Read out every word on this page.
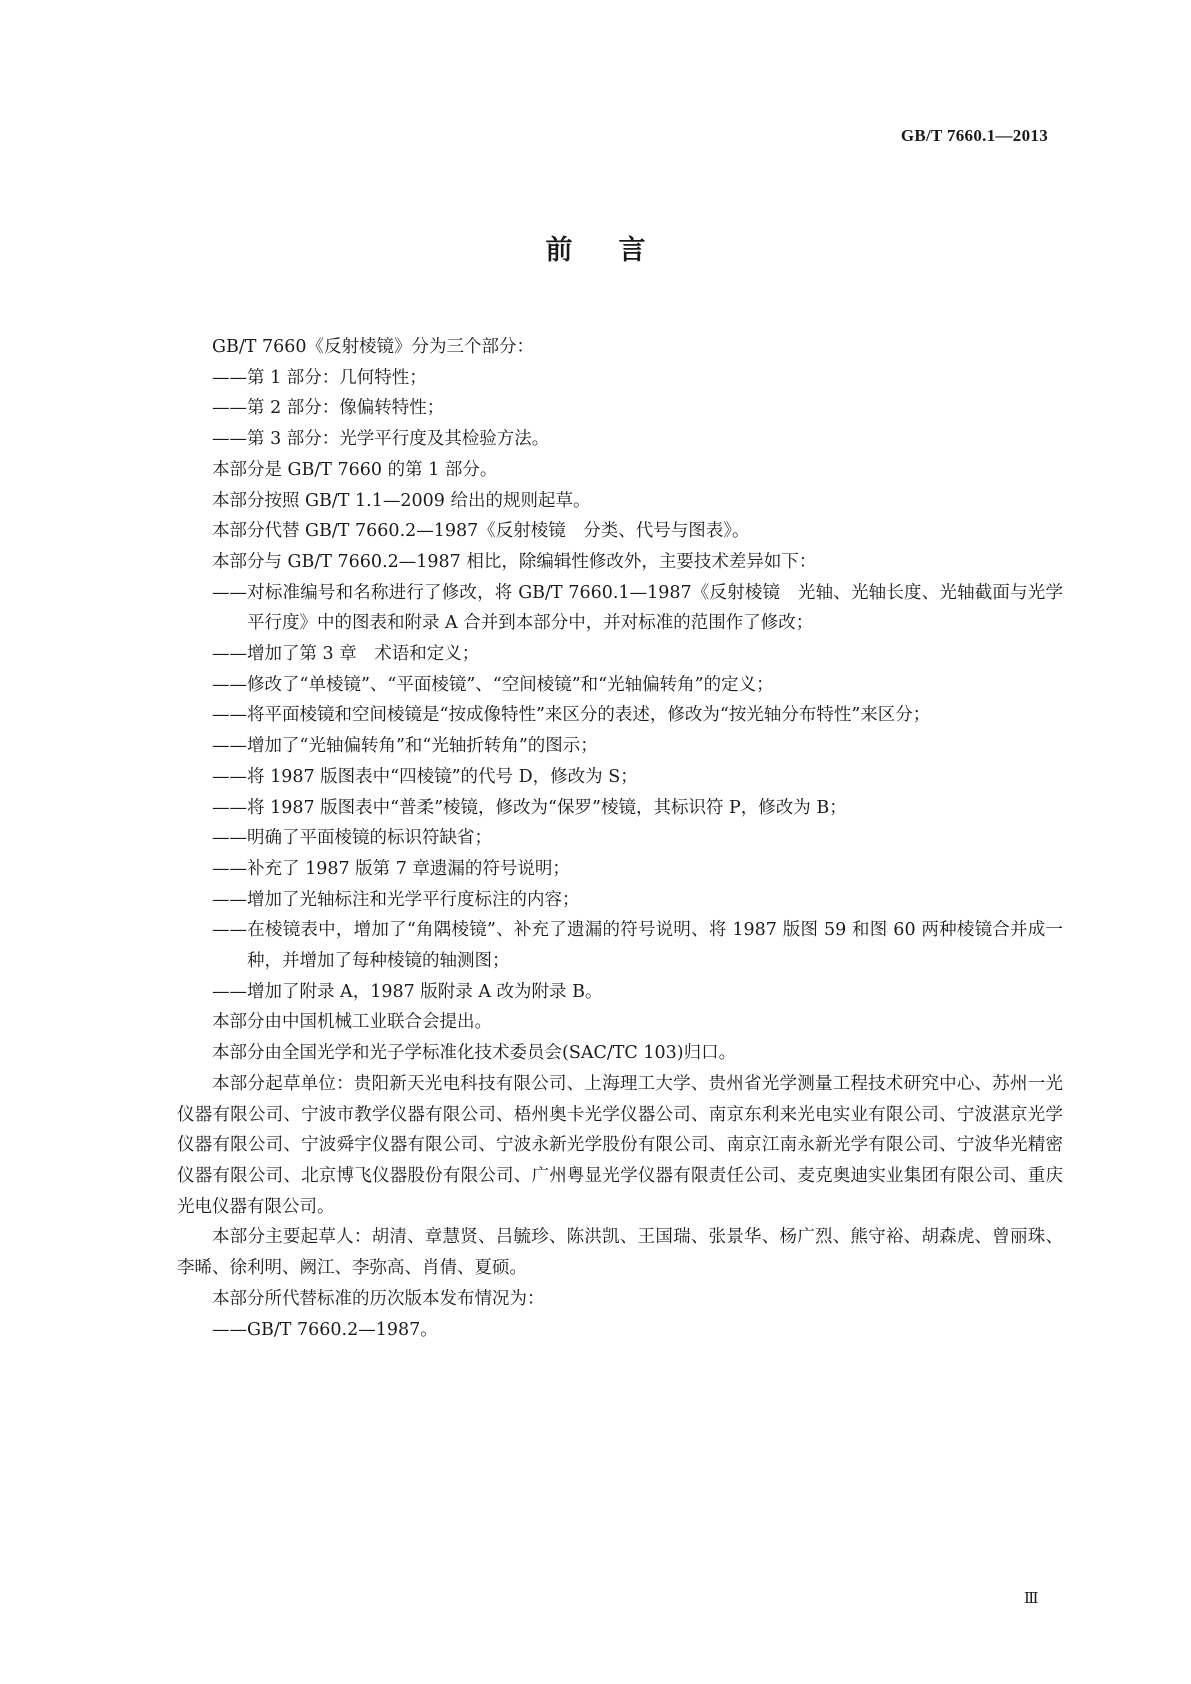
GB/T 7660.1—2013
前言

GB/T 7660《反射棱镜》分为三个部分：

——第 1 部分：几何特性；

——第 2 部分：像偏转特性；

——第 3 部分：光学平行度及其检验方法。

本部分是 GB/T 7660 的第 1 部分。

本部分按照 GB/T 1.1—2009 给出的规则起草。

本部分代替 GB/T 7660.2—1987《反射棱镜　分类、代号与图表》。

本部分与 GB/T 7660.2—1987 相比，除编辑性修改外，主要技术差异如下：

——对标准编号和名称进行了修改，将 GB/T 7660.1—1987《反射棱镜　光轴、光轴长度、光轴截面与光学平行度》中的图表和附录 A 合并到本部分中，并对标准的范围作了修改；

——增加了第 3 章　术语和定义；

——修改了“单棱镜”、“平面棱镜”、“空间棱镜”和“光轴偏转角”的定义；

——将平面棱镜和空间棱镜是“按成像特性”来区分的表述，修改为“按光轴分布特性”来区分；

——增加了“光轴偏转角”和“光轴折转角”的图示；

——将 1987 版图表中“四棱镜”的代号 D，修改为 S；

——将 1987 版图表中“普柔”棱镜，修改为“保罗”棱镜，其标识符 P，修改为 B；

——明确了平面棱镜的标识符缺省；

——补充了 1987 版第 7 章遗漏的符号说明；

——增加了光轴标注和光学平行度标注的内容；

——在棱镜表中，增加了“角隅棱镜”、补充了遗漏的符号说明、将 1987 版图 59 和图 60 两种棱镜合并成一种，并增加了每种棱镜的轴测图；

——增加了附录 A，1987 版附录 A 改为附录 B。

本部分由中国机械工业联合会提出。

本部分由全国光学和光子学标准化技术委员会(SAC/TC 103)归口。

本部分起草单位：贵阳新天光电科技有限公司、上海理工大学、贵州省光学测量工程技术研究中心、苏州一光仪器有限公司、宁波市教学仪器有限公司、梧州奥卡光学仪器公司、南京东利来光电实业有限公司、宁波湛京光学仪器有限公司、宁波舜宇仪器有限公司、宁波永新光学股份有限公司、南京江南永新光学有限公司、宁波华光精密仪器有限公司、北京博飞仪器股份有限公司、广州粤显光学仪器有限责任公司、麦克奥迪实业集团有限公司、重庆光电仪器有限公司。

本部分主要起草人：胡清、章慧贤、吕毓珍、陈洪凯、王国瑞、张景华、杨广烈、熊守裕、胡森虎、曾丽珠、李晞、徐利明、阙江、李弥高、肖倩、夏硕。

本部分所代替标准的历次版本发布情况为：

——GB/T 7660.2—1987。

Ⅲ
